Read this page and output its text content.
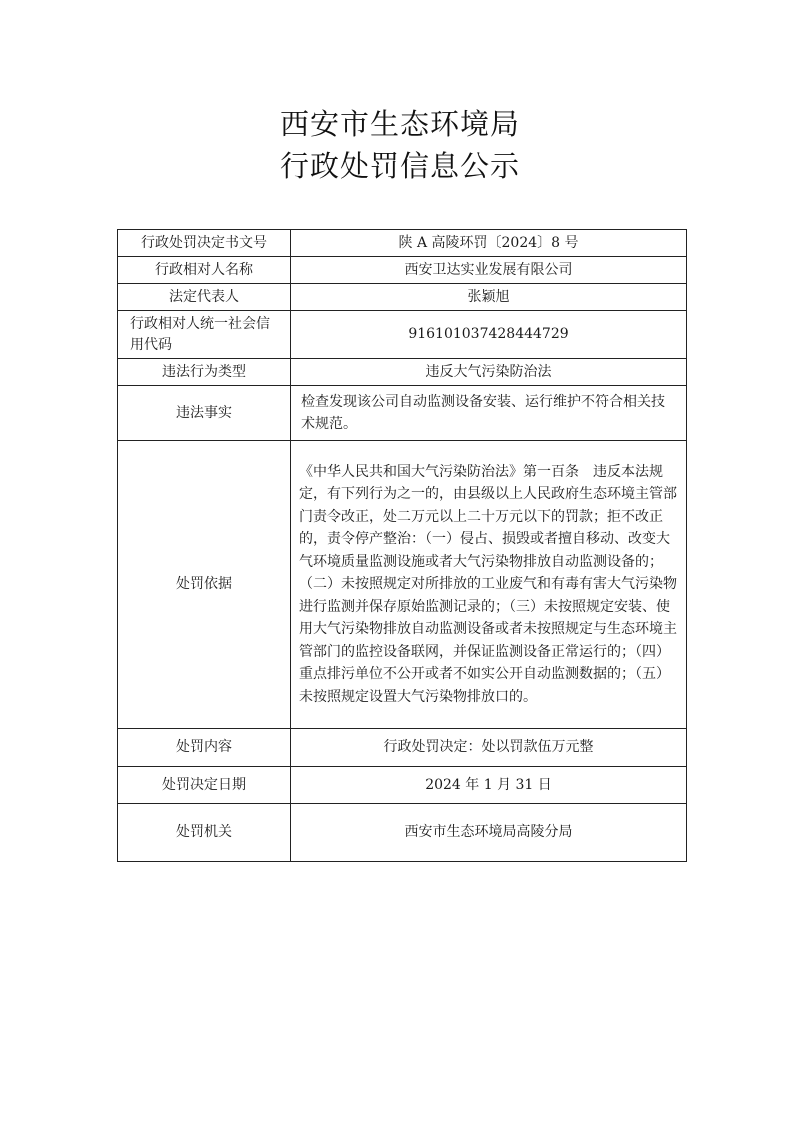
西安市生态环境局
行政处罚信息公示
行政处罚决定书文号	陕 A 高陵环罚〔2024〕8 号
行政相对人名称	西安卫达实业发展有限公司
法定代表人	张颖旭
行政相对人统一社会信用代码	916101037428444729
违法行为类型	违反大气污染防治法
违法事实	检查发现该公司自动监测设备安装、运行维护不符合相关技术规范。
处罚依据	《中华人民共和国大气污染防治法》第一百条　违反本法规定，有下列行为之一的，由县级以上人民政府生态环境主管部门责令改正，处二万元以上二十万元以下的罚款；拒不改正的，责令停产整治：（一）侵占、损毁或者擅自移动、改变大气环境质量监测设施或者大气污染物排放自动监测设备的；（二）未按照规定对所排放的工业废气和有毒有害大气污染物进行监测并保存原始监测记录的；（三）未按照规定安装、使用大气污染物排放自动监测设备或者未按照规定与生态环境主管部门的监控设备联网，并保证监测设备正常运行的；（四）重点排污单位不公开或者不如实公开自动监测数据的；（五）未按照规定设置大气污染物排放口的。
处罚内容	行政处罚决定：处以罚款伍万元整
处罚决定日期	2024 年 1 月 31 日
处罚机关	西安市生态环境局高陵分局
